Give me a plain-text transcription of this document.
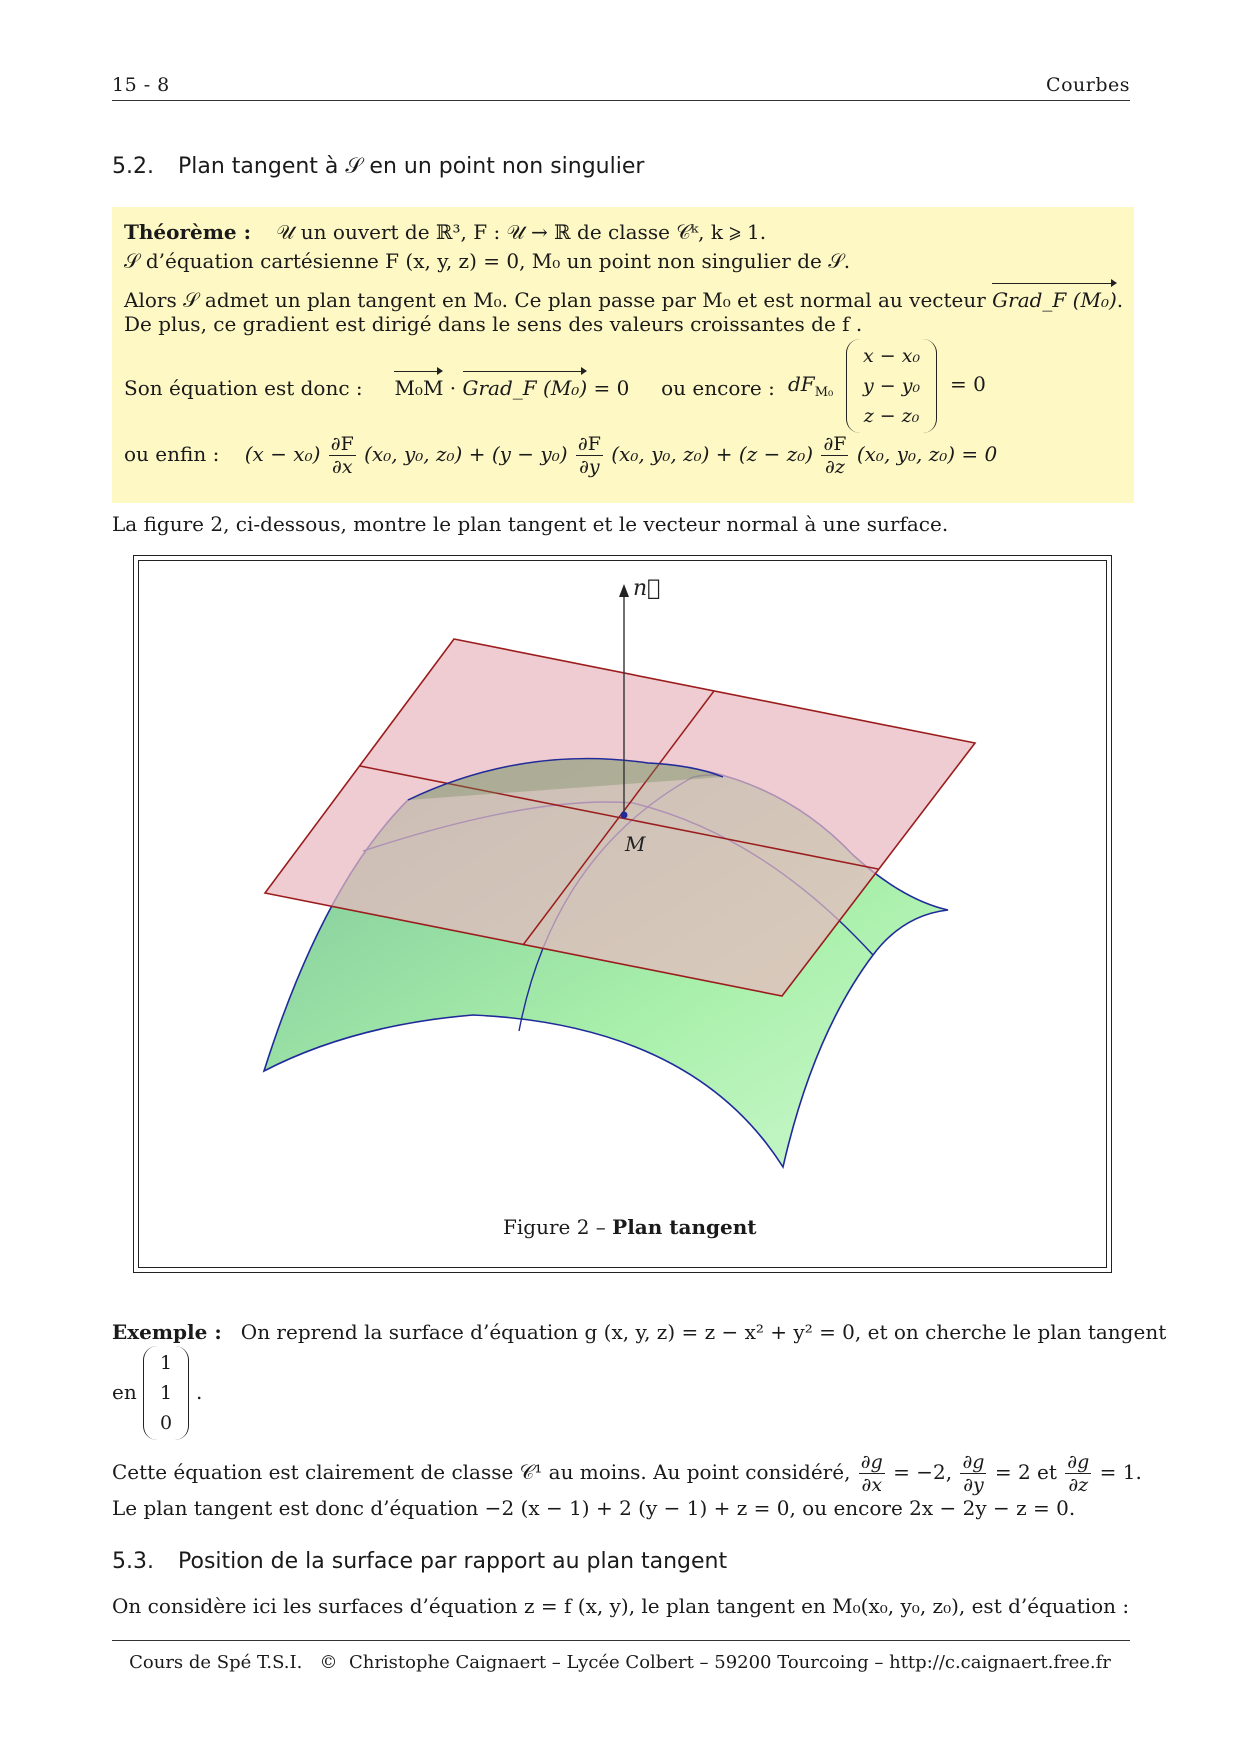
15 - 8	Courbes
5.2. Plan tangent à 𝒮 en un point non singulier
Théorème : 𝒰 un ouvert de ℝ³, F : 𝒰 → ℝ de classe 𝒞ᵏ, k ⩾ 1.
𝒮 d’équation cartésienne F (x, y, z) = 0, M₀ un point non singulier de 𝒮.
Alors 𝒮 admet un plan tangent en M₀. Ce plan passe par M₀ et est normal au vecteur Grad_F (M₀).
De plus, ce gradient est dirigé dans le sens des valeurs croissantes de f .
Son équation est donc : M₀M · Grad_F (M₀) = 0 ou encore : $dF_{M_0}$
x − x₀
y − y₀
z − z₀
= 0
ou enfin : $(x - x_0) \frac{\partial F}{\partial x} (x_0$, y₀, $z_0) + (y - y_0) \frac{\partial F}{\partial y} (x_0$, y₀, $z_0) + (z - z_0) \frac{\partial F}{\partial z} (x_0$, y₀, z₀) = 0
La figure 2, ci-dessous, montre le plan tangent et le vecteur normal à une surface.
n⃗
M
Figure 2 – Plan tangent
Exemple : On reprend la surface d’équation g (x, y, z) = z − x² + y² = 0, et on cherche le plan tangent
en
1
1
0
.
Cette équation est clairement de classe 𝒞¹ au moins. Au point considéré, $\frac{\partial g}{\partial x} = -2$, $\frac{\partial g}{\partial y} = 2$ et $\frac{\partial g}{\partial z} = 1$.
Le plan tangent est donc d’équation −2 (x − 1) + 2 (y − 1) + z = 0, ou encore 2x − 2y − z = 0.
5.3. Position de la surface par rapport au plan tangent
On considère ici les surfaces d’équation z = f (x, y), le plan tangent en M₀(x₀, y₀, z₀), est d’équation :
Cours de Spé T.S.I.   ©  Christophe Caignaert – Lycée Colbert – 59200 Tourcoing – http://c.caignaert.free.fr
